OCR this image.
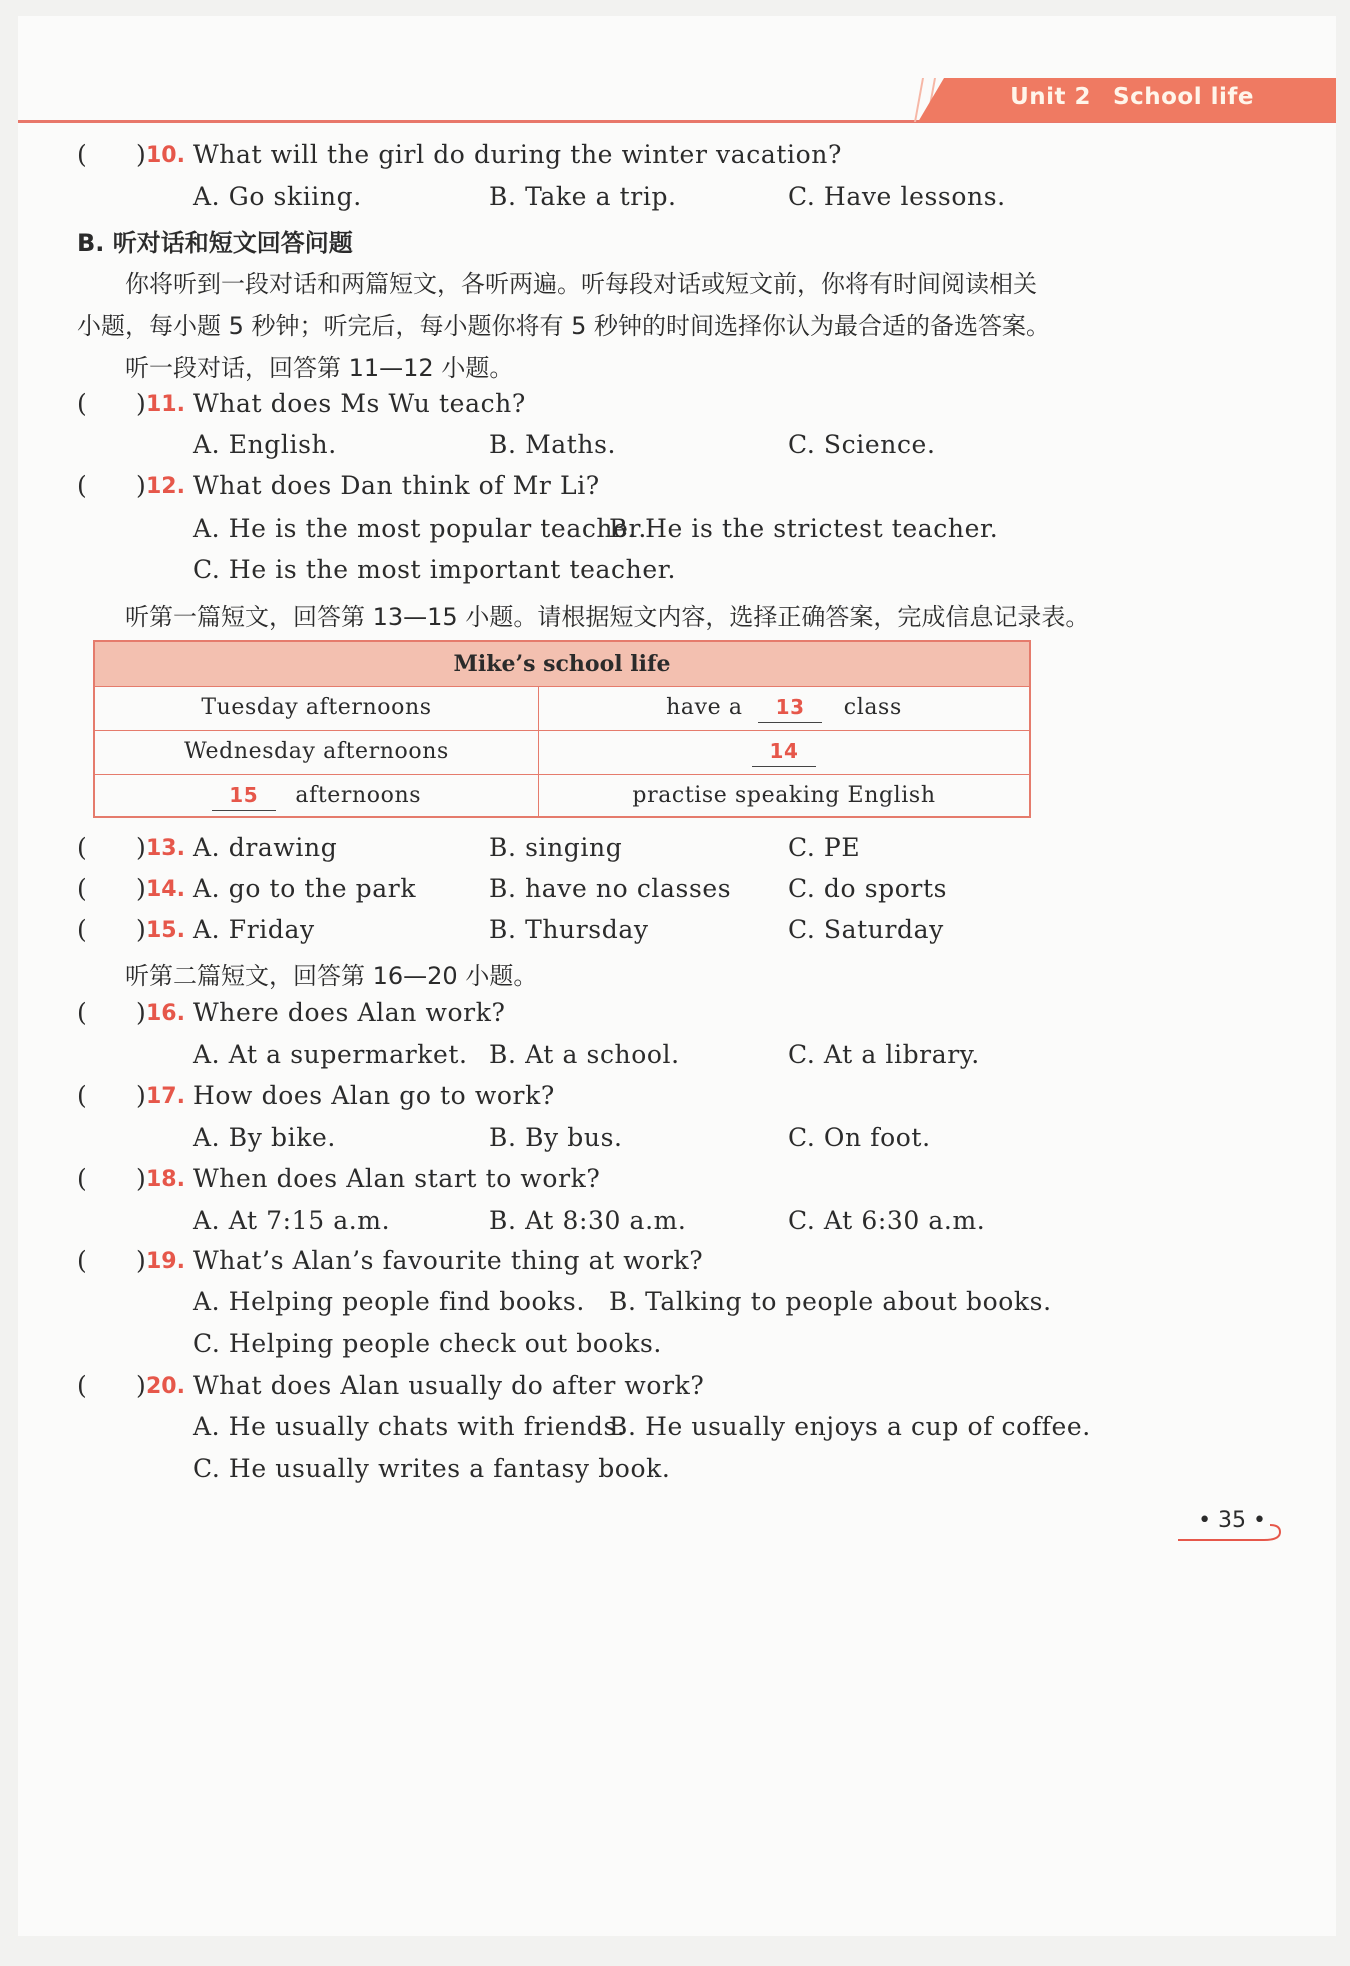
Unit 2 School life
( ) 10. What will the girl do during the winter vacation?
A. Go skiing.	B. Take a trip.	C. Have lessons.
B. 听对话和短文回答问题
你将听到一段对话和两篇短文，各听两遍。听每段对话或短文前，你将有时间阅读相关
小题，每小题 5 秒钟；听完后，每小题你将有 5 秒钟的时间选择你认为最合适的备选答案。
听一段对话，回答第 11—12 小题。
( ) 11. What does Ms Wu teach?
A. English.	B. Maths.	C. Science.
( ) 12. What does Dan think of Mr Li?
A. He is the most popular teacher.
B. He is the strictest teacher.
C. He is the most important teacher.
听第一篇短文，回答第 13—15 小题。请根据短文内容，选择正确答案，完成信息记录表。
Mike’s school life
Tuesday afternoons	have a 13 class
Wednesday afternoons	14
15 afternoons	practise speaking English
( ) 13. A. drawing	B. singing	C. PE
( ) 14. A. go to the park	B. have no classes C. do sports
( ) 15. A. Friday	B. Thursday	C. Saturday
听第二篇短文，回答第 16—20 小题。
( ) 16. Where does Alan work?
A. At a supermarket. B. At a school.	C. At a library.
( ) 17. How does Alan go to work?
A. By bike.	B. By bus.	C. On foot.
( ) 18. When does Alan start to work?
A. At 7:15 a.m.	B. At 8:30 a.m.	C. At 6:30 a.m.
( ) 19. What’s Alan’s favourite thing at work?
A. Helping people find books. B. Talking to people about books.
C. Helping people check out books.
( ) 20. What does Alan usually do after work?
A. He usually chats with friends.
B. He usually enjoys a cup of coffee.
C. He usually writes a fantasy book.
• 35 •
